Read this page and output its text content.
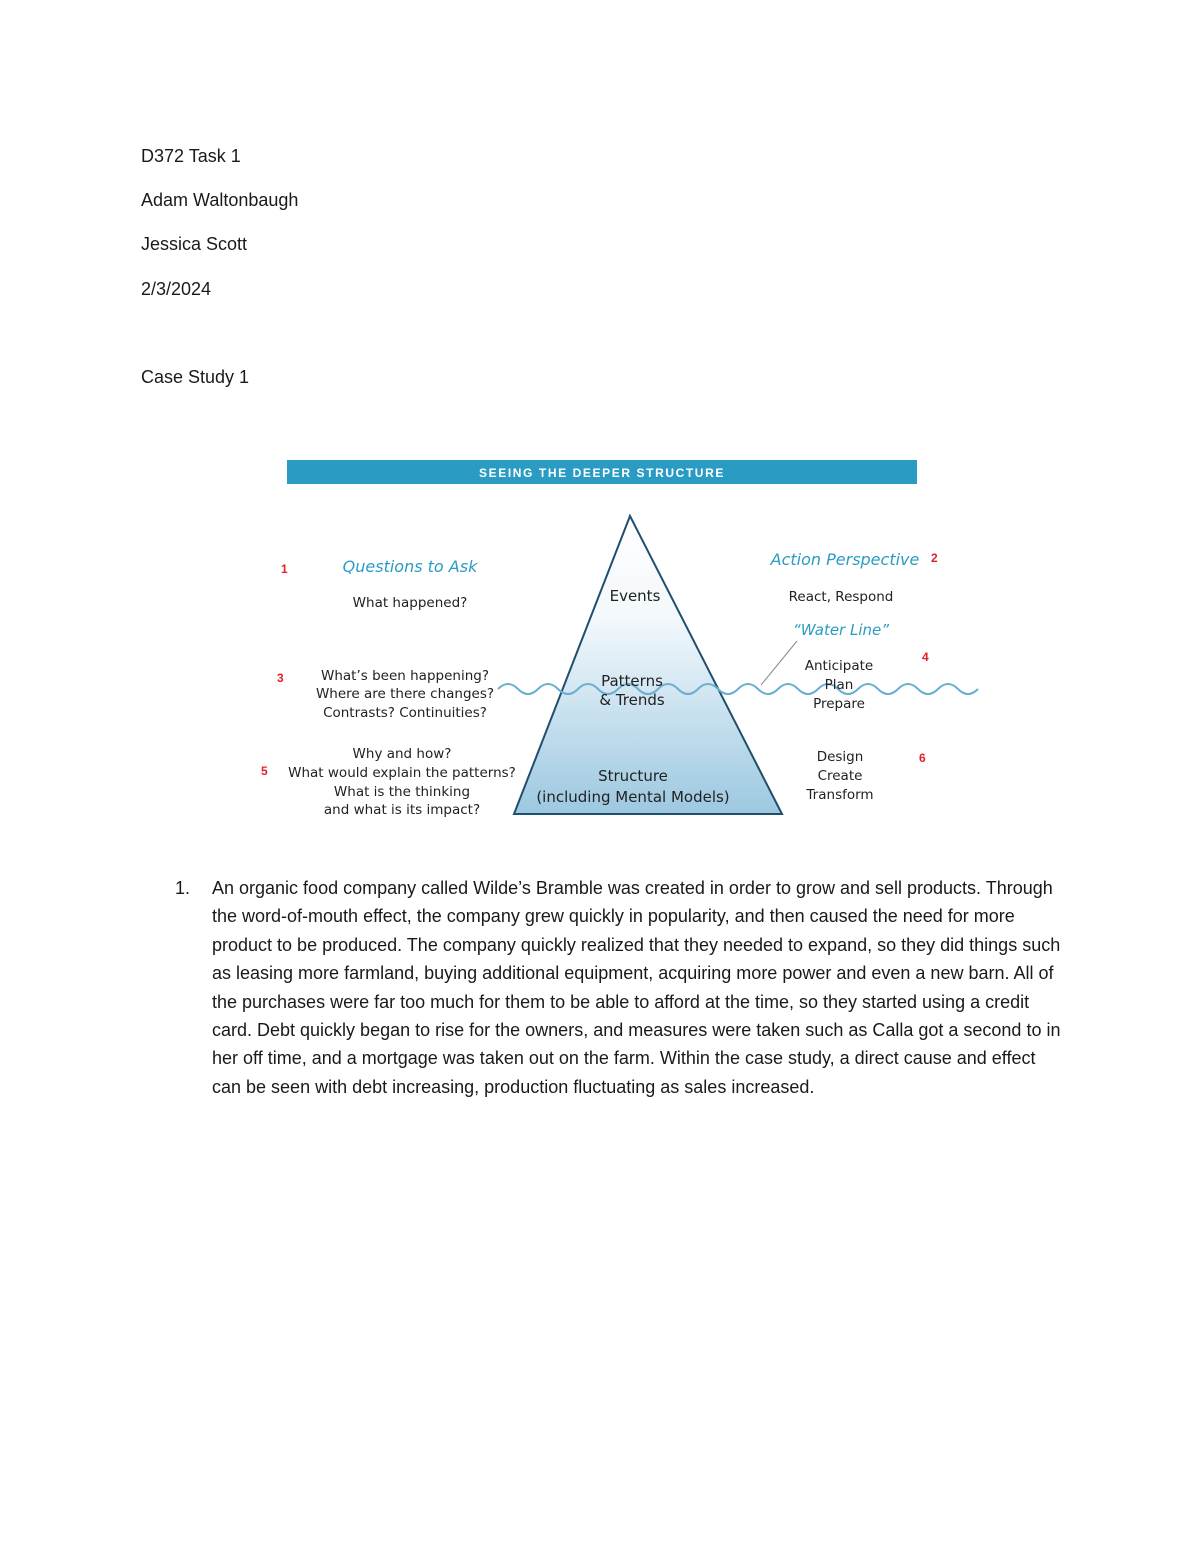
D372 Task 1
Adam Waltonbaugh
Jessica Scott
2/3/2024
Case Study 1
SEEING THE DEEPER STRUCTURE
1
2
3
4
5
6
Questions to Ask	Action Perspective
What happened?
What’s been happening?
Where are there changes?
Contrasts? Continuities?
Why and how?
What would explain the patterns?
What is the thinking
and what is its impact?
Events
Patterns
& Trends
Structure
(including Mental Models)
React, Respond
“Water Line”
Anticipate
Plan
Prepare
Design
Create
Transform
1. An organic food company called Wilde’s Bramble was created in order to grow and sell products. Through the word-of-mouth effect, the company grew quickly in popularity, and then caused the need for more product to be produced. The company quickly realized that they needed to expand, so they did things such as leasing more farmland, buying additional equipment, acquiring more power and even a new barn. All of the purchases were far too much for them to be able to afford at the time, so they started using a credit card. Debt quickly began to rise for the owners, and measures were taken such as Calla got a second to in her off time, and a mortgage was taken out on the farm. Within the case study, a direct cause and effect can be seen with debt increasing, production fluctuating as sales increased.
